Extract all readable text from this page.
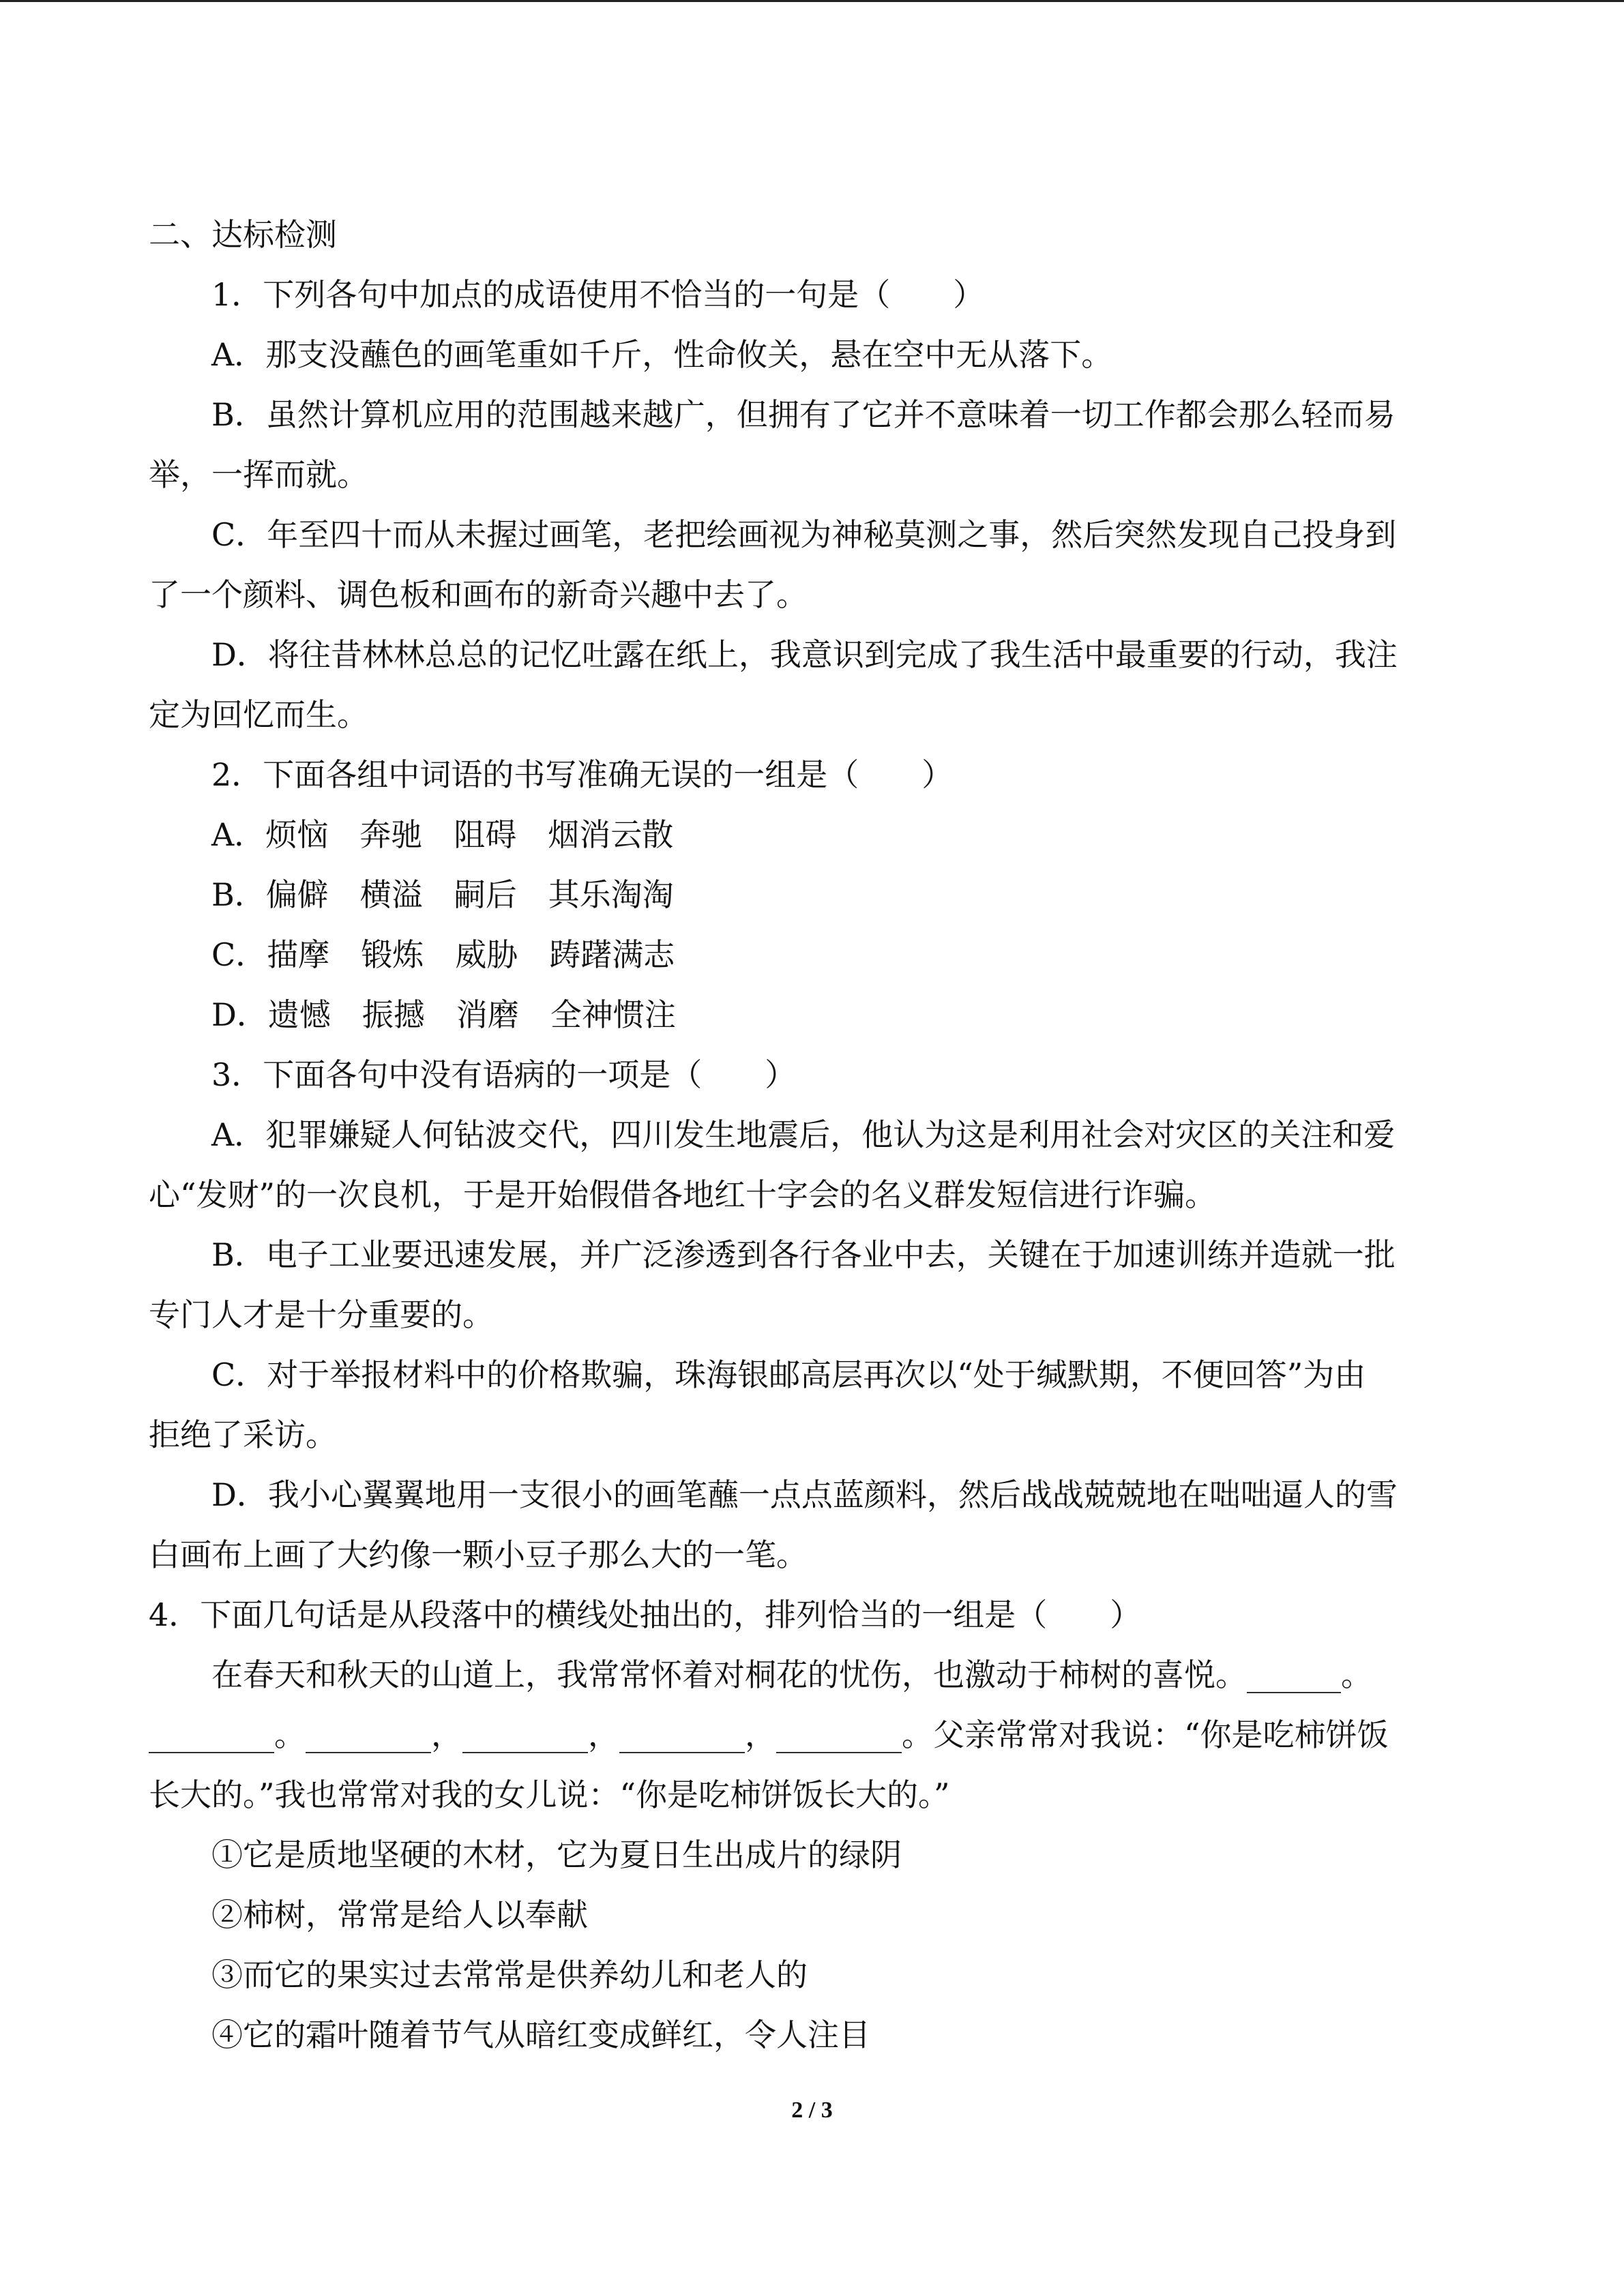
二、达标检测
1．下列各句中加点的成语使用不恰当的一句是（　　）
A．那支没蘸色的画笔重如千斤，性命攸关，悬在空中无从落下。
B．虽然计算机应用的范围越来越广，但拥有了它并不意味着一切工作都会那么轻而易
举，一挥而就。
C．年至四十而从未握过画笔，老把绘画视为神秘莫测之事，然后突然发现自己投身到
了一个颜料、调色板和画布的新奇兴趣中去了。
D．将往昔林林总总的记忆吐露在纸上，我意识到完成了我生活中最重要的行动，我注
定为回忆而生。
2．下面各组中词语的书写准确无误的一组是（　　）
A．烦恼　奔驰　阻碍　烟消云散
B．偏僻　横溢　嗣后　其乐淘淘
C．描摩　锻炼　威胁　踌躇满志
D．遗憾　振撼　消磨　全神惯注
3．下面各句中没有语病的一项是（　　）
A．犯罪嫌疑人何钻波交代，四川发生地震后，他认为这是利用社会对灾区的关注和爱
心“发财”的一次良机，于是开始假借各地红十字会的名义群发短信进行诈骗。
B．电子工业要迅速发展，并广泛渗透到各行各业中去，关键在于加速训练并造就一批
专门人才是十分重要的。
C．对于举报材料中的价格欺骗，珠海银邮高层再次以“处于缄默期，不便回答”为由
拒绝了采访。
D．我小心翼翼地用一支很小的画笔蘸一点点蓝颜料，然后战战兢兢地在咄咄逼人的雪
白画布上画了大约像一颗小豆子那么大的一笔。
4．下面几句话是从段落中的横线处抽出的，排列恰当的一组是（　　）
在春天和秋天的山道上，我常常怀着对桐花的忧伤，也激动于柿树的喜悦。______。
________。________，________，________，________。父亲常常对我说：“你是吃柿饼饭
长大的。”我也常常对我的女儿说：“你是吃柿饼饭长大的。”
①它是质地坚硬的木材，它为夏日生出成片的绿阴
②柿树，常常是给人以奉献
③而它的果实过去常常是供养幼儿和老人的
④它的霜叶随着节气从暗红变成鲜红，令人注目
2 / 3
